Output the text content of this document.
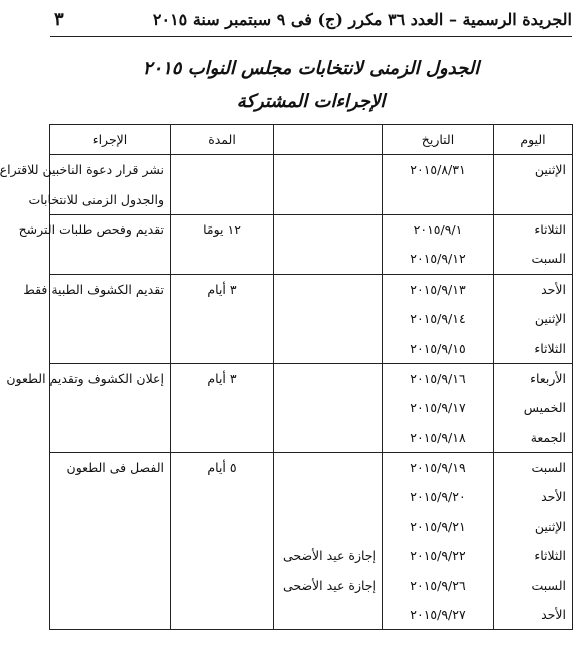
الجريدة الرسمية – العدد ٣٦ مكرر (ج) فى ٩ سبتمبر سنة ٢٠١٥
٣
الجدول الزمنى لانتخابات مجلس النواب ٢٠١٥
الإجراءات المشتركة
اليوم	التاريخ		المدة	الإجراء
الإثنين	٢٠١٥/٨/٣١			نشر قرار دعوة الناخبين للاقتراع
				والجدول الزمنى للانتخابات
الثلاثاء	٢٠١٥/٩/١		١٢ يومًا	تقديم وفحص طلبات الترشح
السبت	٢٠١٥/٩/١٢			
الأحد	٢٠١٥/٩/١٣		٣ أيام	تقديم الكشوف الطبية فقط
الإثنين	٢٠١٥/٩/١٤			
الثلاثاء	٢٠١٥/٩/١٥			
الأربعاء	٢٠١٥/٩/١٦		٣ أيام	إعلان الكشوف وتقديم الطعون
الخميس	٢٠١٥/٩/١٧			
الجمعة	٢٠١٥/٩/١٨			
السبت	٢٠١٥/٩/١٩		٥ أيام	الفصل فى الطعون
الأحد	٢٠١٥/٩/٢٠			
الإثنين	٢٠١٥/٩/٢١			
الثلاثاء	٢٠١٥/٩/٢٢	إجازة عيد الأضحى		
السبت	٢٠١٥/٩/٢٦	إجازة عيد الأضحى		
الأحد	٢٠١٥/٩/٢٧			
